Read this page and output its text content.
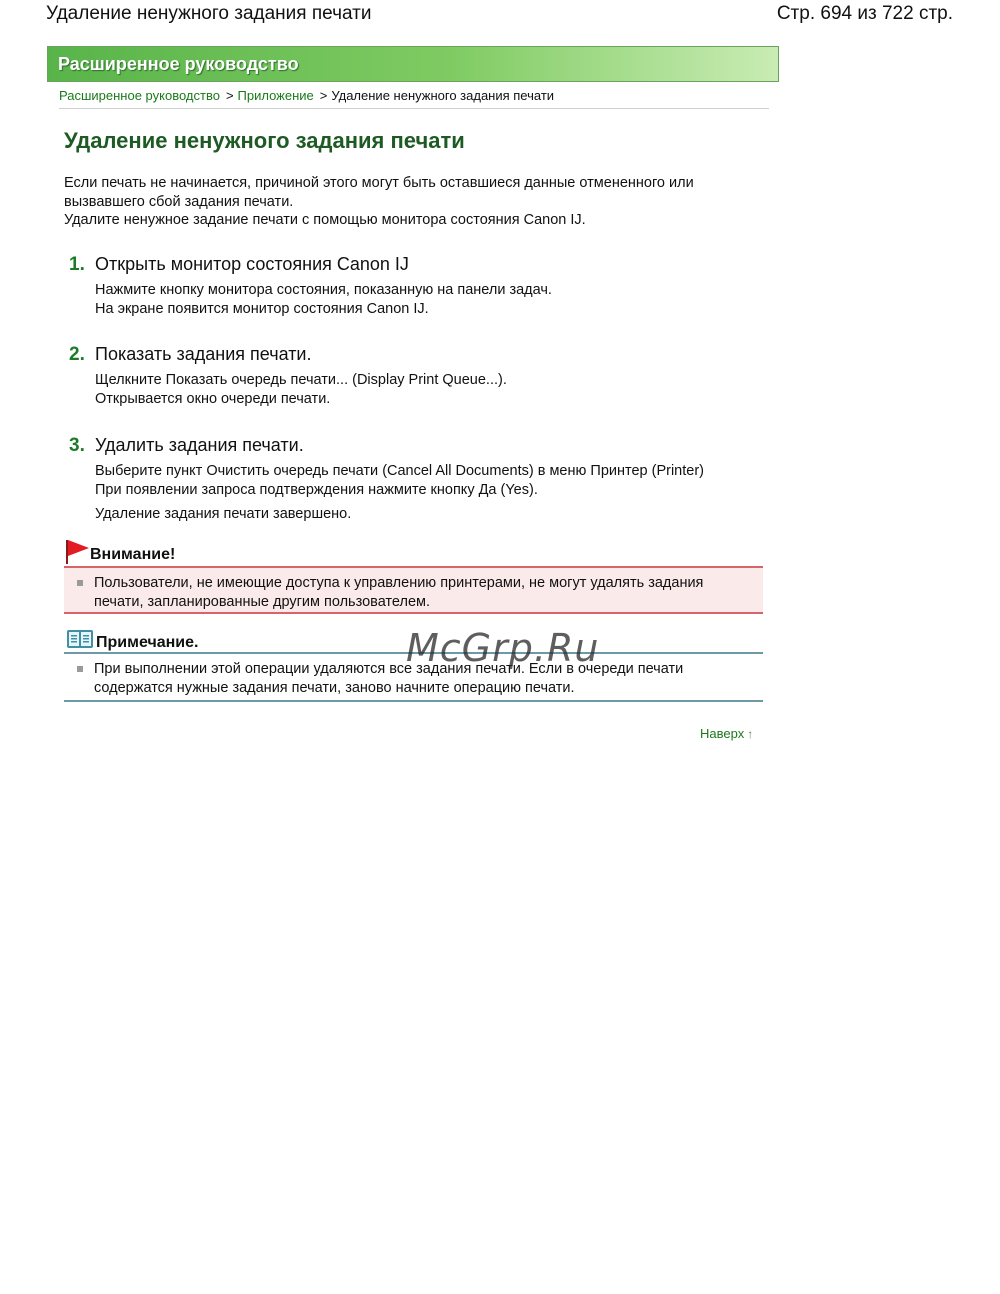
Удаление ненужного задания печати	Стр. 694 из 722 стр.
Расширенное руководство
Расширенное руководство > Приложение > Удаление ненужного задания печати
Удаление ненужного задания печати

Если печать не начинается, причиной этого могут быть оставшиеся данные отмененного или

вызвавшего сбой задания печати.

Удалите ненужное задание печати с помощью монитора состояния Canon IJ.

1. Открыть монитор состояния Canon IJ

Нажмите кнопку монитора состояния, показанную на панели задач.

На экране появится монитор состояния Canon IJ.

2. Показать задания печати.

Щелкните Показать очередь печати... (Display Print Queue...).

Открывается окно очереди печати.

3. Удалить задания печати.

Выберите пункт Очистить очередь печати (Cancel All Documents) в меню Принтер (Printer)

При появлении запроса подтверждения нажмите кнопку Да (Yes).

Удаление задания печати завершено.

Внимание!
Пользователи, не имеющие доступа к управлению принтерами, не могут удалять задания
печати, запланированные другим пользователем.
Примечание.
При выполнении этой операции удаляются все задания печати. Если в очереди печати
содержатся нужные задания печати, заново начните операцию печати.
McGrp.Ru
Наверх ↑
